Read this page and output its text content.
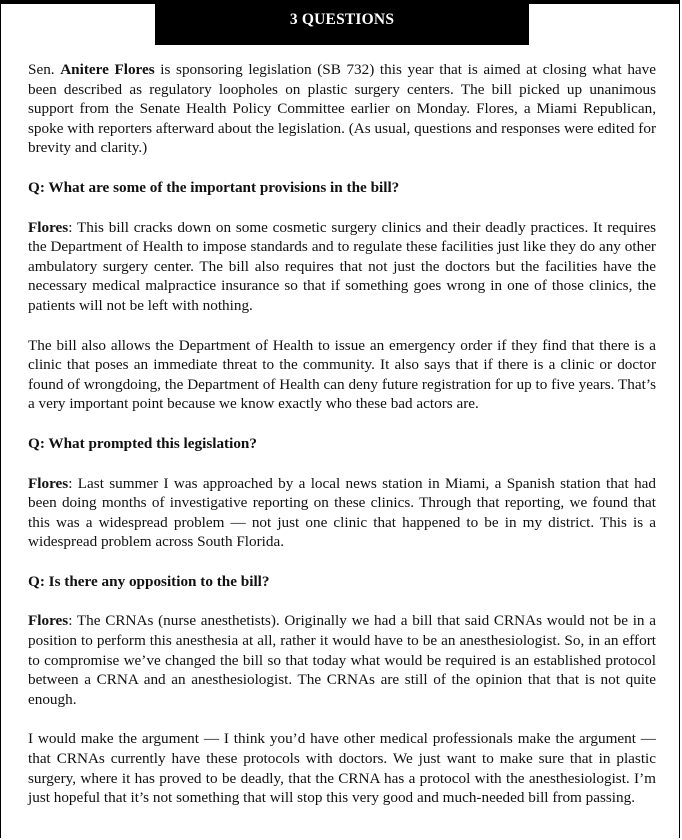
3 QUESTIONS

Sen. Anitere Flores is sponsoring legislation (SB 732) this year that is aimed at closing what have been described as regulatory loopholes on plastic surgery centers. The bill picked up unanimous support from the Senate Health Policy Committee earlier on Monday. Flores, a Miami Republican, spoke with reporters afterward about the legislation. (As usual, questions and responses were edited for brevity and clarity.)

Q: What are some of the important provisions in the bill?

Flores: This bill cracks down on some cosmetic surgery clinics and their deadly practices. It requires the Department of Health to impose standards and to regulate these facilities just like they do any other ambulatory surgery center. The bill also requires that not just the doctors but the facilities have the necessary medical malpractice insurance so that if something goes wrong in one of those clinics, the patients will not be left with nothing.

The bill also allows the Department of Health to issue an emergency order if they find that there is a clinic that poses an immediate threat to the community. It also says that if there is a clinic or doctor found of wrongdoing, the Department of Health can deny future registration for up to five years. That’s a very important point because we know exactly who these bad actors are.

Q: What prompted this legislation?

Flores: Last summer I was approached by a local news station in Miami, a Spanish station that had been doing months of investigative reporting on these clinics. Through that reporting, we found that this was a widespread problem — not just one clinic that happened to be in my district. This is a widespread problem across South Florida.

Q: Is there any opposition to the bill?

Flores: The CRNAs (nurse anesthetists). Originally we had a bill that said CRNAs would not be in a position to perform this anesthesia at all, rather it would have to be an anesthesiologist. So, in an effort to compromise we’ve changed the bill so that today what would be required is an established protocol between a CRNA and an anesthesiologist. The CRNAs are still of the opinion that that is not quite enough.

I would make the argument — I think you’d have other medical professionals make the argument — that CRNAs currently have these protocols with doctors. We just want to make sure that in plastic surgery, where it has proved to be deadly, that the CRNA has a protocol with the anesthesiologist. I’m just hopeful that it’s not something that will stop this very good and much-needed bill from passing.
